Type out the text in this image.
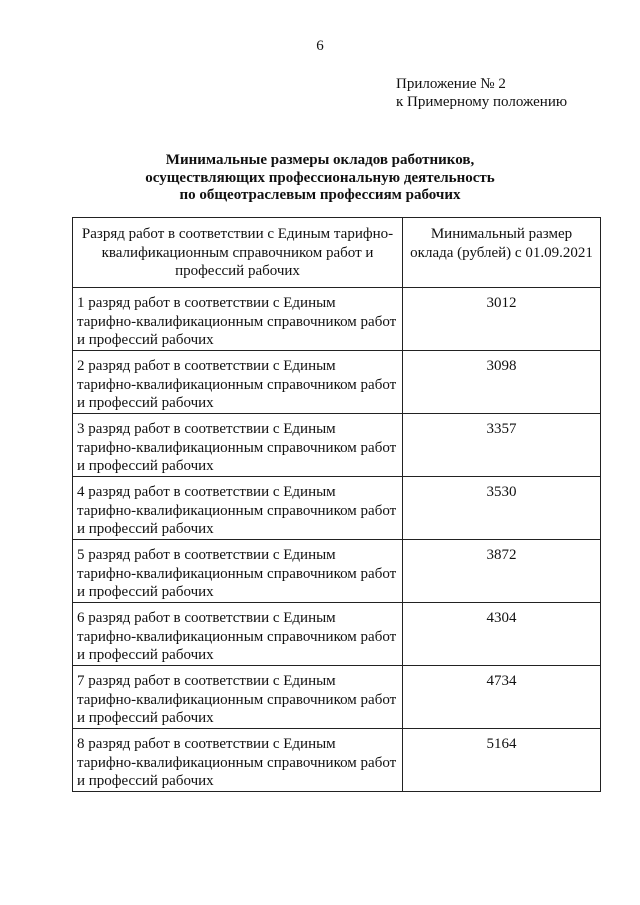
6
Приложение № 2
к Примерному положению
Минимальные размеры окладов работников,
осуществляющих профессиональную деятельность
по общеотраслевым профессиям рабочих
Разряд работ в соответствии с Единым тарифно-квалификационным справочником работ и профессий рабочих	Минимальный размер
оклада (рублей) с 01.09.2021

1 разряд работ в соответствии с Единым тарифно-квалификационным справочником работ и профессий рабочих	3012
2 разряд работ в соответствии с Единым тарифно-квалификационным справочником работ и профессий рабочих	3098
3 разряд работ в соответствии с Единым тарифно-квалификационным справочником работ и профессий рабочих	3357
4 разряд работ в соответствии с Единым тарифно-квалификационным справочником работ и профессий рабочих	3530
5 разряд работ в соответствии с Единым тарифно-квалификационным справочником работ и профессий рабочих	3872
6 разряд работ в соответствии с Единым тарифно-квалификационным справочником работ и профессий рабочих	4304
7 разряд работ в соответствии с Единым тарифно-квалификационным справочником работ и профессий рабочих	4734
8 разряд работ в соответствии с Единым тарифно-квалификационным справочником работ и профессий рабочих	5164
